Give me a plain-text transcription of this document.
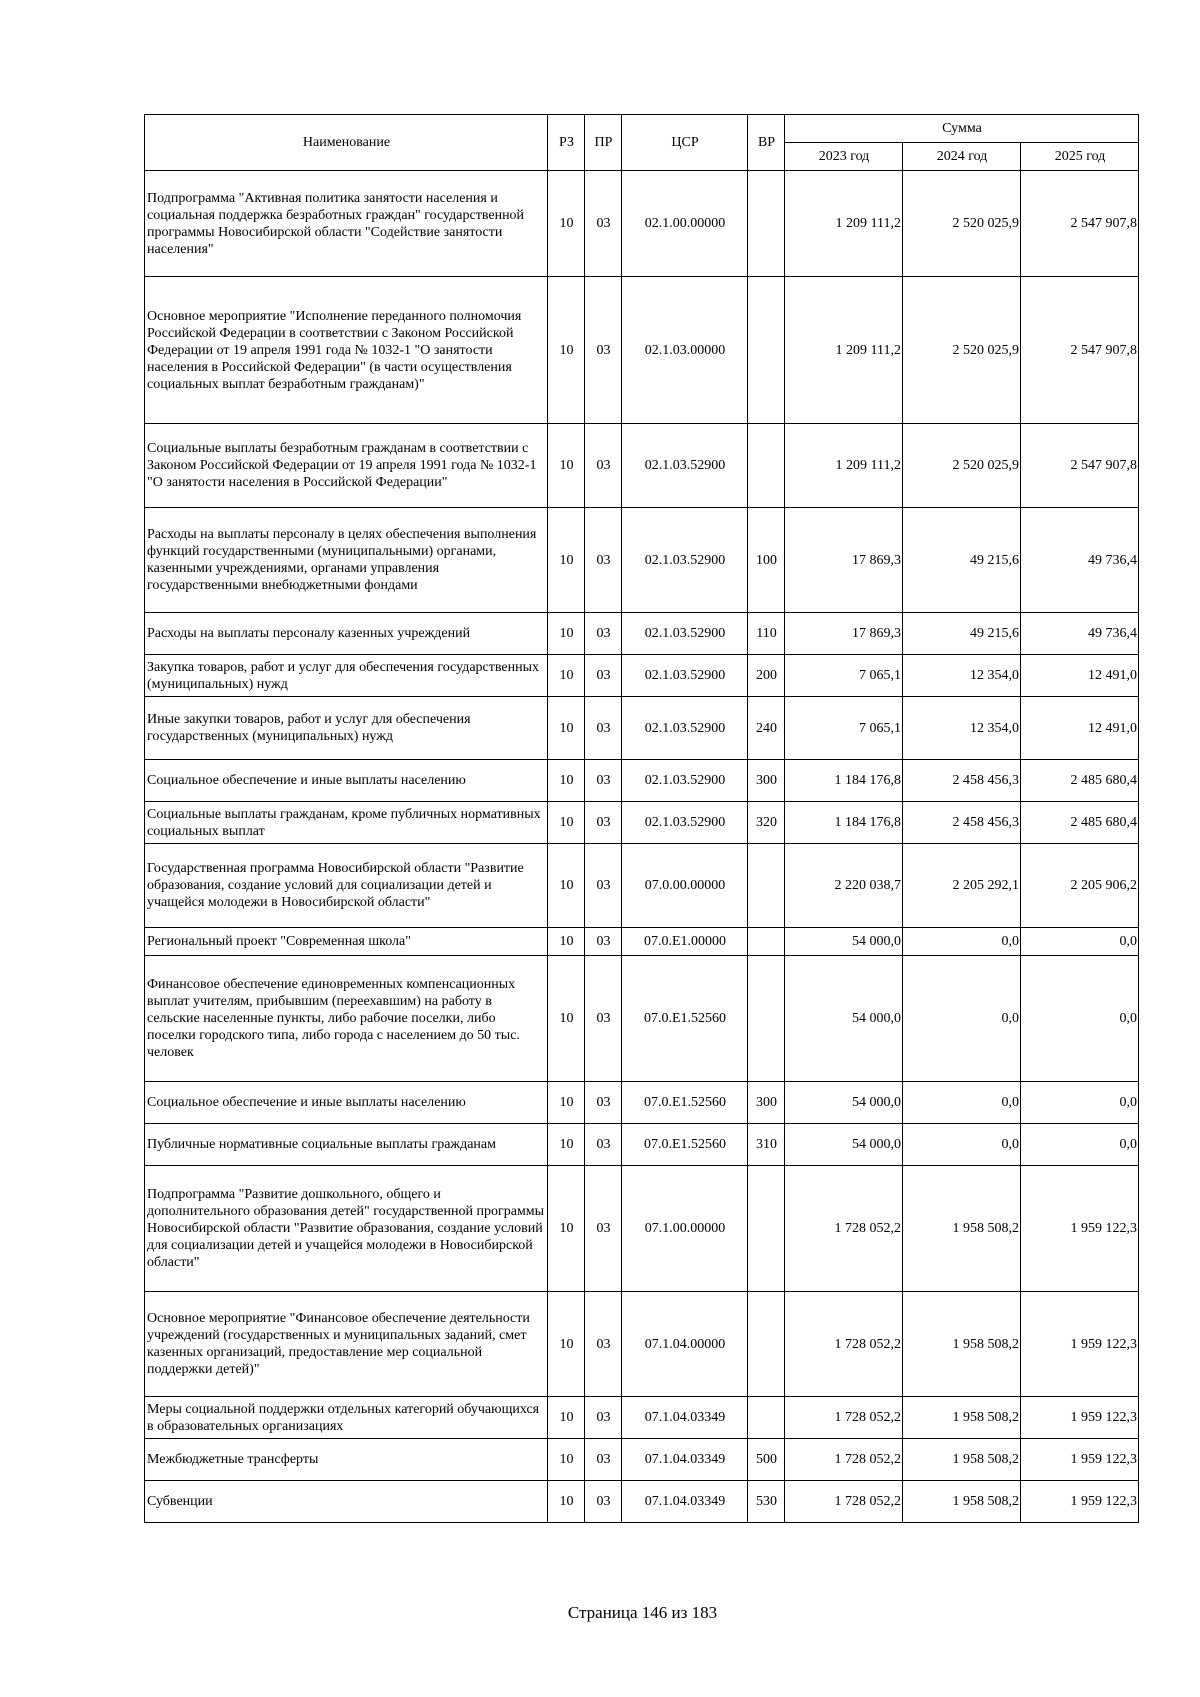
Наименование	РЗ	ПР	ЦСР	ВР	Сумма		
					2023 год	2024 год	2025 год
Подпрограмма "Активная политика занятости населения и социальная поддержка безработных граждан" государственной программы Новосибирской области "Содействие занятости населения"	10	03	02.1.00.00000		1 209 111,2	2 520 025,9	2 547 907,8
Основное мероприятие "Исполнение переданного полномочия Российской Федерации в соответствии с Законом Российской Федерации от 19 апреля 1991 года № 1032-1 "О занятости населения в Российской Федерации" (в части осуществления социальных выплат безработным гражданам)"	10	03	02.1.03.00000		1 209 111,2	2 520 025,9	2 547 907,8
Социальные выплаты безработным гражданам в соответствии с Законом Российской Федерации от 19 апреля 1991 года № 1032-1 "О занятости населения в Российской Федерации"	10	03	02.1.03.52900		1 209 111,2	2 520 025,9	2 547 907,8
Расходы на выплаты персоналу в целях обеспечения выполнения функций государственными (муниципальными) органами, казенными учреждениями, органами управления государственными внебюджетными фондами	10	03	02.1.03.52900	100	17 869,3	49 215,6	49 736,4
Расходы на выплаты персоналу казенных учреждений	10	03	02.1.03.52900	110	17 869,3	49 215,6	49 736,4
Закупка товаров, работ и услуг для обеспечения государственных (муниципальных) нужд	10	03	02.1.03.52900	200	7 065,1	12 354,0	12 491,0
Иные закупки товаров, работ и услуг для обеспечения государственных (муниципальных) нужд	10	03	02.1.03.52900	240	7 065,1	12 354,0	12 491,0
Социальное обеспечение и иные выплаты населению	10	03	02.1.03.52900	300	1 184 176,8	2 458 456,3	2 485 680,4
Социальные выплаты гражданам, кроме публичных нормативных социальных выплат	10	03	02.1.03.52900	320	1 184 176,8	2 458 456,3	2 485 680,4
Государственная программа Новосибирской области "Развитие образования, создание условий для социализации детей и учащейся молодежи в Новосибирской области"	10	03	07.0.00.00000		2 220 038,7	2 205 292,1	2 205 906,2
Региональный проект "Современная школа"	10	03	07.0.E1.00000		54 000,0	0,0	0,0
Финансовое обеспечение единовременных компенсационных выплат учителям, прибывшим (переехавшим) на работу в сельские населенные пункты, либо рабочие поселки, либо поселки городского типа, либо города с населением до 50 тыс. человек	10	03	07.0.E1.52560		54 000,0	0,0	0,0
Социальное обеспечение и иные выплаты населению	10	03	07.0.E1.52560	300	54 000,0	0,0	0,0
Публичные нормативные социальные выплаты гражданам	10	03	07.0.E1.52560	310	54 000,0	0,0	0,0
Подпрограмма "Развитие дошкольного, общего и дополнительного образования детей" государственной программы Новосибирской области "Развитие образования, создание условий для социализации детей и учащейся молодежи в Новосибирской области"	10	03	07.1.00.00000		1 728 052,2	1 958 508,2	1 959 122,3
Основное мероприятие "Финансовое обеспечение деятельности учреждений (государственных и муниципальных заданий, смет казенных организаций, предоставление мер социальной поддержки детей)"	10	03	07.1.04.00000		1 728 052,2	1 958 508,2	1 959 122,3
Меры социальной поддержки отдельных категорий обучающихся в образовательных организациях	10	03	07.1.04.03349		1 728 052,2	1 958 508,2	1 959 122,3
Межбюджетные трансферты	10	03	07.1.04.03349	500	1 728 052,2	1 958 508,2	1 959 122,3
Субвенции	10	03	07.1.04.03349	530	1 728 052,2	1 958 508,2	1 959 122,3
Страница 146 из 183
